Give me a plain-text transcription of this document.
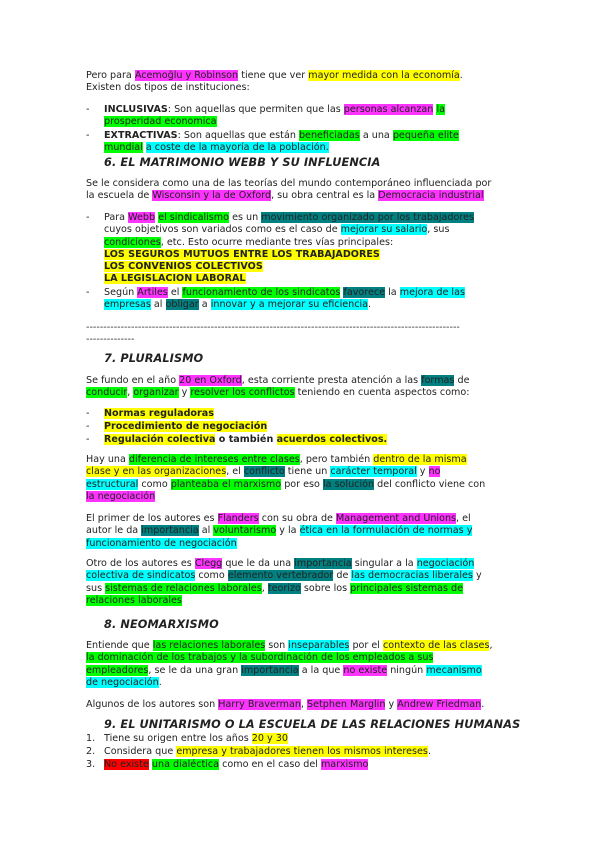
Pero para Acemoğlu y Robinson tiene que ver mayor medida con la economía.
Existen dos tipos de instituciones:
- INCLUSIVAS: Son aquellas que permiten que las personas alcanzan la
prosperidad economica
- EXTRACTIVAS: Son aquellas que están beneficiadas a una pequeña elite
mundial a coste de la mayoría de la población.
6. EL MATRIMONIO WEBB Y SU INFLUENCIA
Se le considera como una de las teorías del mundo contemporáneo influenciada por
la escuela de Wisconsin y la de Oxford, su obra central es la Democracia industrial
- Para Webb el sindicalismo es un movimiento organizado por los trabajadores
cuyos objetivos son variados como es el caso de mejorar su salario, sus
condiciones, etc. Esto ocurre mediante tres vías principales:
LOS SEGUROS MUTUOS ENTRE LOS TRABAJADORES
LOS CONVENIOS COLECTIVOS
LA LEGISLACION LABORAL
- Según Artiles el funcionamiento de los sindicatos favorece la mejora de las
empresas al obligar a innovar y a mejorar su eficiencia.
------------------------------------------------------------------------------------------------------------
--------------
7. PLURALISMO
Se fundo en el año 20 en Oxford, esta corriente presta atención a las formas de
conducir, organizar y resolver los conflictos teniendo en cuenta aspectos como:
- Normas reguladoras
- Procedimiento de negociación
- Regulación colectiva o también acuerdos colectivos.
Hay una diferencia de intereses entre clases, pero también dentro de la misma
clase y en las organizaciones, el conflicto tiene un carácter temporal y no
estructural como planteaba el marxismo por eso la solución del conflicto viene con
la negociación
El primer de los autores es Flanders con su obra de Management and Unions, el
autor le da importancia al voluntarismo y la ética en la formulación de normas y
funcionamiento de negociación
Otro de los autores es Clegg que le da una importancia singular a la negociación
colectiva de sindicatos como elemento vertebrador de las democracias liberales y
sus sistemas de relaciones laborales, teorizo sobre los principales sistemas de
relaciones laborales
8. NEOMARXISMO
Entiende que las relaciones laborales son inseparables por el contexto de las clases,
la dominación de los trabajos y la subordinación de los empleados a sus
empleadores, se le da una gran importancia a la que no existe ningún mecanismo
de negociación.
Algunos de los autores son Harry Braverman, Setphen Marglin y Andrew Friedman.
9. EL UNITARISMO O LA ESCUELA DE LAS RELACIONES HUMANAS
1. Tiene su origen entre los años 20 y 30
2. Considera que empresa y trabajadores tienen los mismos intereses.
3. No existe una dialéctica como en el caso del marxismo
